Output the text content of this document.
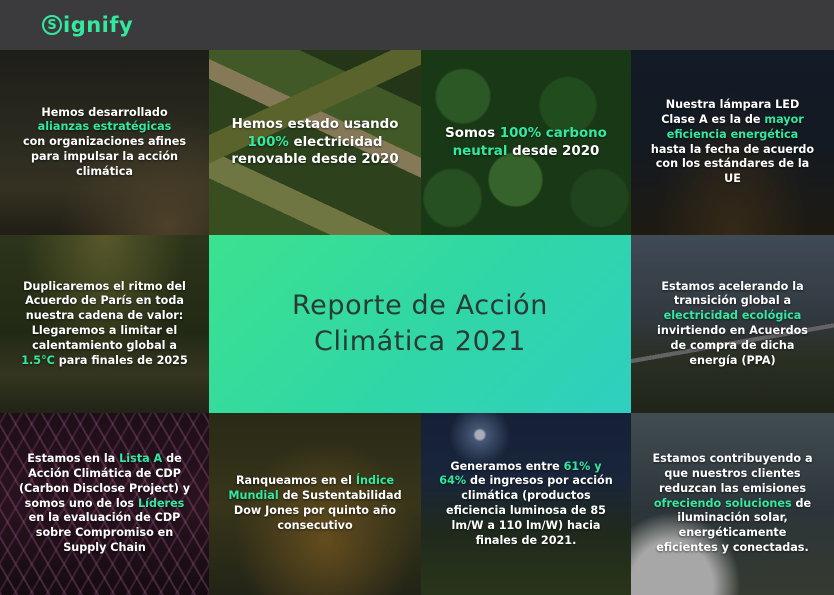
S ignify
Hemos desarrollado
alianzas estratégicas
con organizaciones afines para impulsar la acción climática
Hemos estado usando
100% electricidad renovable desde 2020
Somos 100% carbono neutral desde 2020
Nuestra lámpara LED Clase A es la de mayor eficiencia energética hasta la fecha de acuerdo con los estándares de la UE
Duplicaremos el ritmo del Acuerdo de París en toda nuestra cadena de valor: Llegaremos a limitar el calentamiento global a 1.5°C para finales de 2025
Reporte de Acción
Climática 2021
Estamos acelerando la transición global a electricidad ecológica invirtiendo en Acuerdos de compra de dicha energía (PPA)
Estamos en la Lista A de Acción Climática de CDP (Carbon Disclose Project) y somos uno de los Líderes en la evaluación de CDP sobre Compromiso en Supply Chain
Ranqueamos en el Índice Mundial de Sustentabilidad Dow Jones por quinto año consecutivo
Generamos entre 61% y 64% de ingresos por acción climática (productos eficiencia luminosa de 85 lm/W a 110 lm/W) hacia finales de 2021.
Estamos contribuyendo a que nuestros clientes reduzcan las emisiones ofreciendo soluciones de iluminación solar, energéticamente eficientes y conectadas.
